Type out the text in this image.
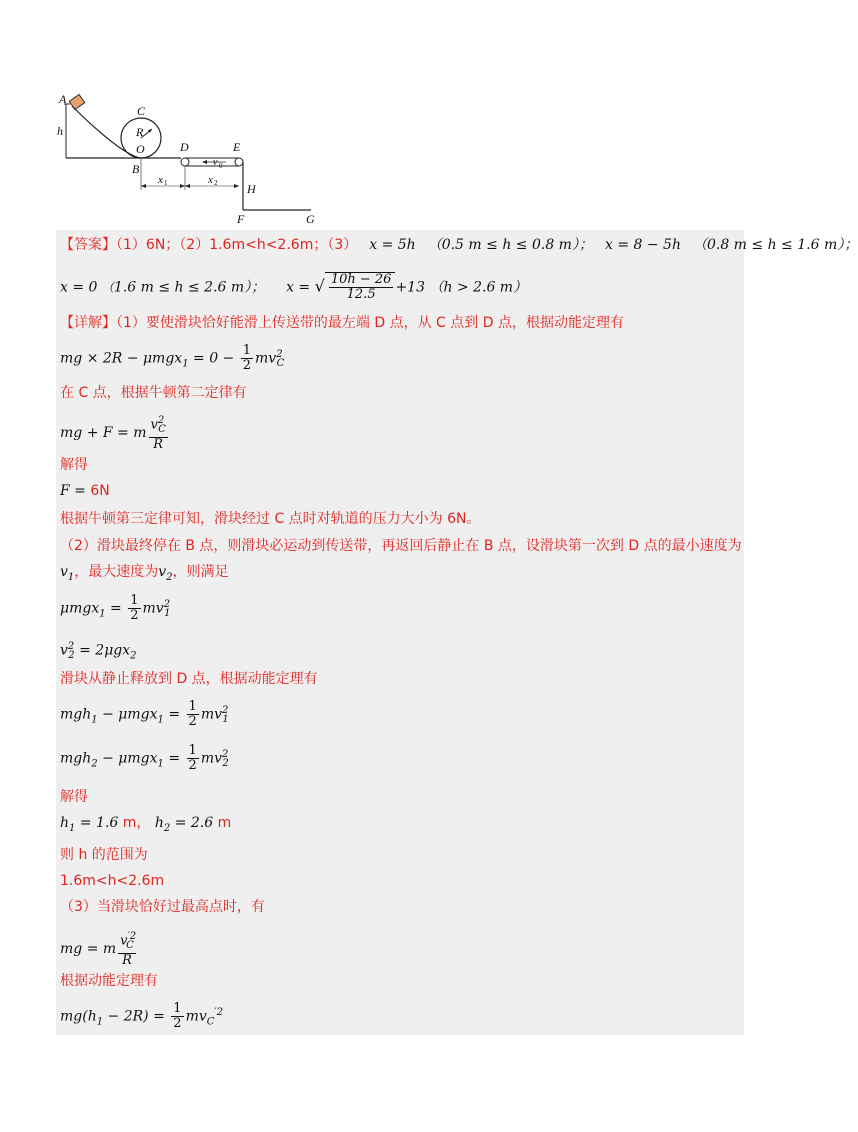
A
h
C
R
O
B
D	E
v 0
x 1	x 2 H
F	G
【答案】（1）6N；（2）1.6m<h<2.6m；（3） x = 5h （0.5 m ≤ h ≤ 0.8 m）； x = 8 − 5h （0.8 m ≤ h ≤ 1.6 m）；
x = 0 （1.6 m ≤ h ≤ 2.6 m）； x = √ $\frac{10h - 26}{12.5} +13$ （h > 2.6 m）
【详解】（1）要使滑块恰好能滑上传送带的最左端 D 点，从 C 点到 D 点，根据动能定理有
mg × $2R - \mu mgx_1 = 0 - \frac{1}{2} mv^2_C$
在 C 点，根据牛顿第二定律有
mg + F = m $\frac{v^2_C}{R}$
解得
F = 6N
根据牛顿第三定律可知，滑块经过 C 点时对轨道的压力大小为 6N。
（2）滑块最终停在 B 点，则滑块必运动到传送带，再返回后静止在 B 点，设滑块第一次到 D 点的最小速度为
$v_1$，最大速度为$v_2$，则满足
$\mu mgx_1 = \frac{1}{2} mv^2_1$
$v^2_2 = 2\mu gx_2$
滑块从静止释放到 D 点，根据动能定理有
$mgh_1 - \mu mgx_1 = \frac{1}{2} mv^2_1$
$mgh_2 - \mu mgx_1 = \frac{1}{2} mv^2_2$
解得
$h_1 = 1.6$ m， $h_2 = 2.6$ m
则 h 的范围为
1.6m<h<2.6m
（3）当滑块恰好过最高点时，有
mg = m $\frac{v^{'2}_C}{R}$
根据动能定理有
$mg(h_1 - 2R) = \frac{1}{2} mv_C^{'2}$
